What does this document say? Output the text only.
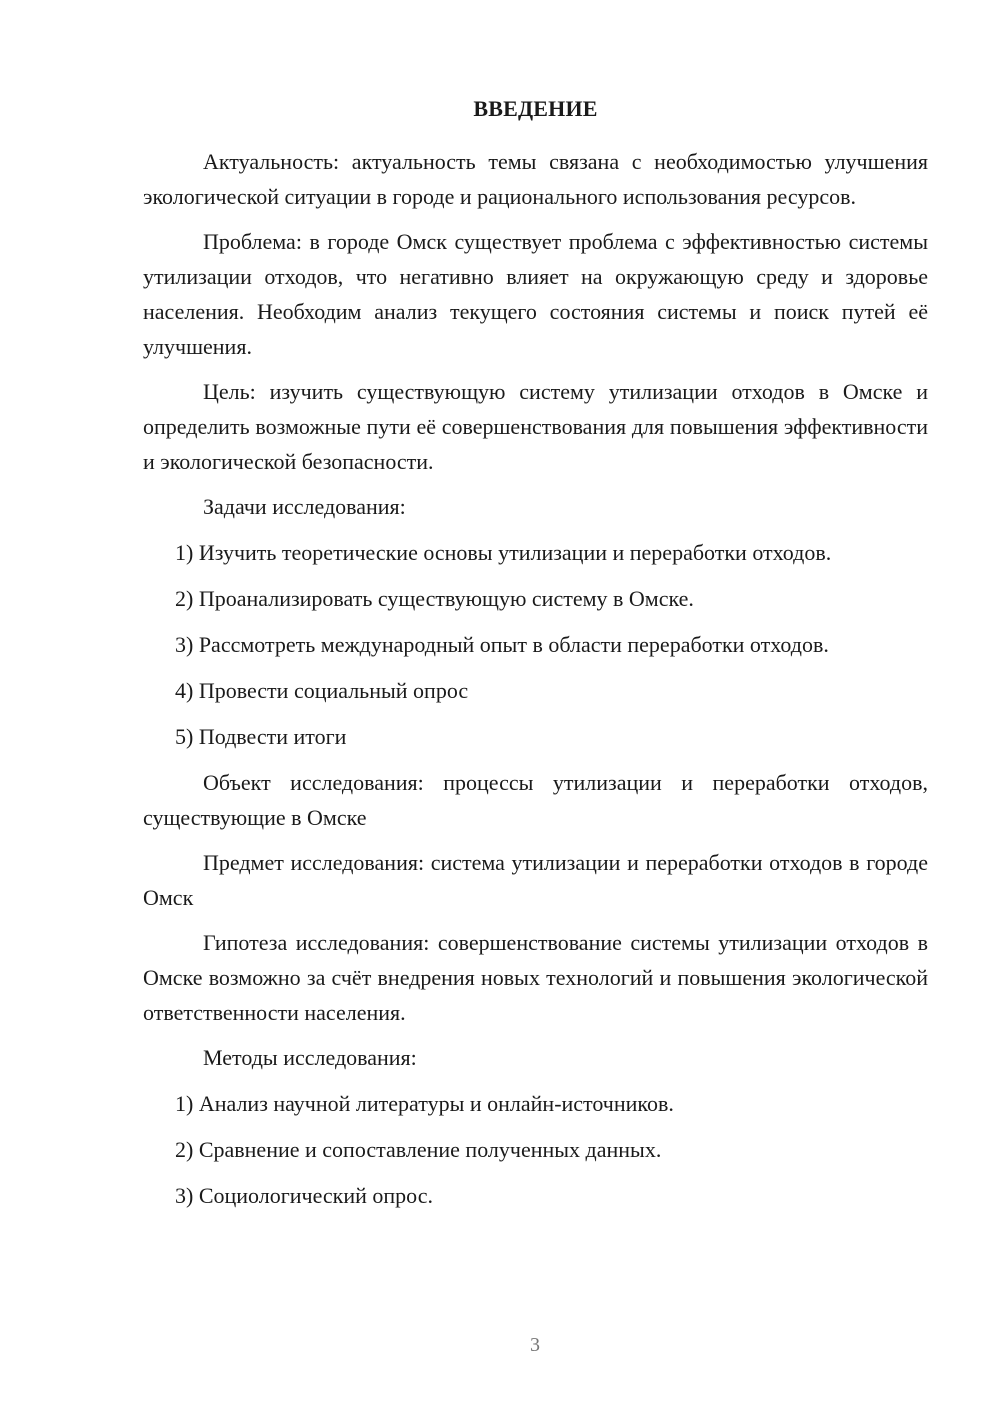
ВВЕДЕНИЕ

Актуальность: актуальность темы связана с необходимостью улучшения экологической ситуации в городе и рационального использования ресурсов.

Проблема: в городе Омск существует проблема с эффективностью системы утилизации отходов, что негативно влияет на окружающую среду и здоровье населения. Необходим анализ текущего состояния системы и поиск путей её улучшения.

Цель: изучить существующую систему утилизации отходов в Омске и определить возможные пути её совершенствования для повышения эффективности и экологической безопасности.

Задачи исследования:

1) Изучить теоретические основы утилизации и переработки отходов.
2) Проанализировать существующую систему в Омске.
3) Рассмотреть международный опыт в области переработки отходов.
4) Провести социальный опрос
5) Подвести итоги

Объект исследования: процессы утилизации и переработки отходов, существующие в Омске

Предмет исследования: система утилизации и переработки отходов в городе Омск

Гипотеза исследования: совершенствование системы утилизации отходов в Омске возможно за счёт внедрения новых технологий и повышения экологической ответственности населения.

Методы исследования:

1) Анализ научной литературы и онлайн-источников.
2) Сравнение и сопоставление полученных данных.
3) Социологический опрос.
3
